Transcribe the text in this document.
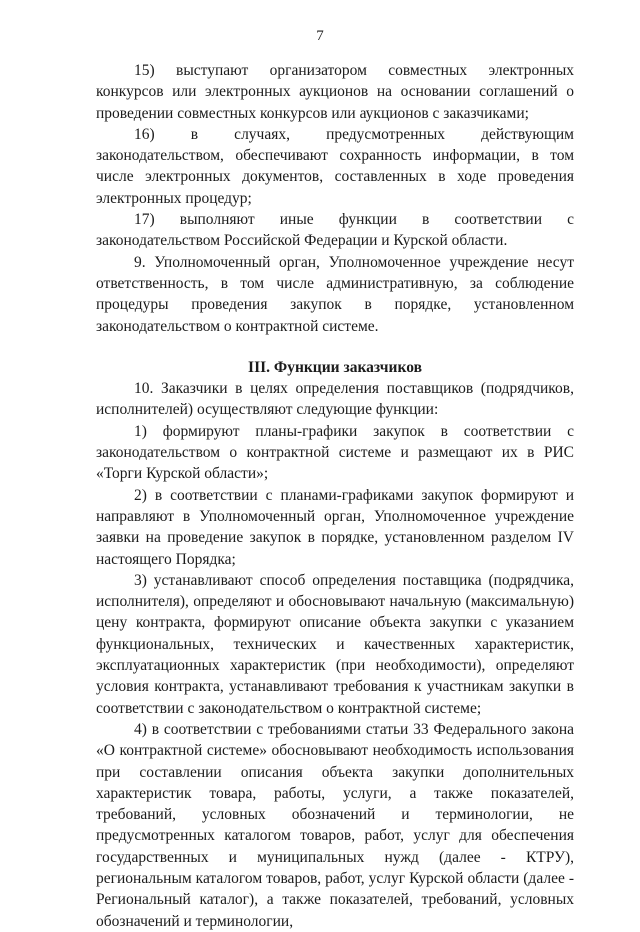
7

15) выступают организатором совместных электронных конкурсов или электронных аукционов на основании соглашений о проведении совместных конкурсов или аукционов с заказчиками;

16) в случаях, предусмотренных действующим законодательством, обеспечивают сохранность информации, в том числе электронных документов, составленных в ходе проведения электронных процедур;

17) выполняют иные функции в соответствии с законодательством Российской Федерации и Курской области.

9. Уполномоченный орган, Уполномоченное учреждение несут ответственность, в том числе административную, за соблюдение процедуры проведения закупок в порядке, установленном законодательством о контрактной системе.

III. Функции заказчиков

10. Заказчики в целях определения поставщиков (подрядчиков, исполнителей) осуществляют следующие функции:

1) формируют планы-графики закупок в соответствии с законодательством о контрактной системе и размещают их в РИС «Торги Курской области»;

2) в соответствии с планами-графиками закупок формируют и направляют в Уполномоченный орган, Уполномоченное учреждение заявки на проведение закупок в порядке, установленном разделом IV настоящего Порядка;

3) устанавливают способ определения поставщика (подрядчика, исполнителя), определяют и обосновывают начальную (максимальную) цену контракта, формируют описание объекта закупки с указанием функциональных, технических и качественных характеристик, эксплуатационных характеристик (при необходимости), определяют условия контракта, устанавливают требования к участникам закупки в соответствии с законодательством о контрактной системе;

4) в соответствии с требованиями статьи 33 Федерального закона «О контрактной системе» обосновывают необходимость использования при составлении описания объекта закупки дополнительных характеристик товара, работы, услуги, а также показателей, требований, условных обозначений и терминологии, не предусмотренных каталогом товаров, работ, услуг для обеспечения государственных и муниципальных нужд (далее - КТРУ), региональным каталогом товаров, работ, услуг Курской области (далее - Региональный каталог), а также показателей, требований, условных обозначений и терминологии,
